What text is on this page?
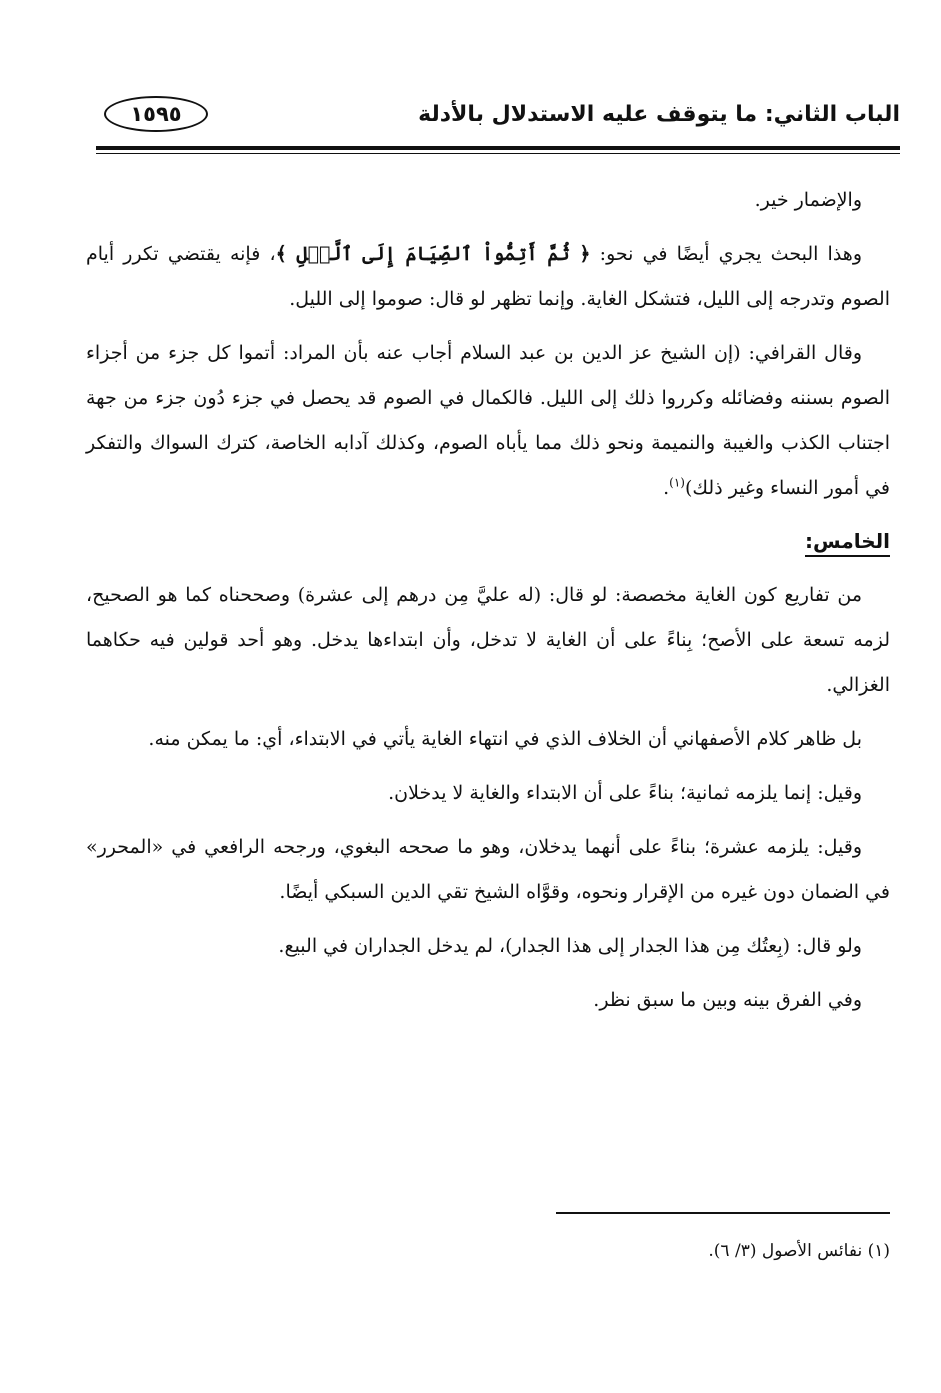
الباب الثاني: ما يتوقف عليه الاستدلال بالأدلة
١٥٩٥

والإضمار خير.

وهذا البحث يجري أيضًا في نحو: ﴿ ثُمَّ أَتِمُّواْ ٱلصِّيَامَ إِلَى ٱلَّيۡلِ ﴾، فإنه يقتضي تكرر أيام الصوم وتدرجه إلى الليل، فتشكل الغاية. وإنما تظهر لو قال: صوموا إلى الليل.

وقال القرافي: (إن الشيخ عز الدين بن عبد السلام أجاب عنه بأن المراد: أتموا كل جزء من أجزاء الصوم بسننه وفضائله وكرروا ذلك إلى الليل. فالكمال في الصوم قد يحصل في جزء دُون جزء من جهة اجتناب الكذب والغيبة والنميمة ونحو ذلك مما يأباه الصوم، وكذلك آدابه الخاصة، كترك السواك والتفكر في أمور النساء وغير ذلك)$^{(١)}$.

الخامس:

من تفاريع كون الغاية مخصصة: لو قال: (له عليَّ مِن درهم إلى عشرة) وصححناه كما هو الصحيح، لزمه تسعة على الأصح؛ بِناءً على أن الغاية لا تدخل، وأن ابتداءها يدخل. وهو أحد قولين فيه حكاهما الغزالي.

بل ظاهر كلام الأصفهاني أن الخلاف الذي في انتهاء الغاية يأتي في الابتداء، أي: ما يمكن منه.

وقيل: إنما يلزمه ثمانية؛ بناءً على أن الابتداء والغاية لا يدخلان.

وقيل: يلزمه عشرة؛ بناءً على أنهما يدخلان، وهو ما صححه البغوي، ورجحه الرافعي في «المحرر» في الضمان دون غيره من الإقرار ونحوه، وقوَّاه الشيخ تقي الدين السبكي أيضًا.

ولو قال: (بِعتُك مِن هذا الجدار إلى هذا الجدار)، لم يدخل الجداران في البيع.

وفي الفرق بينه وبين ما سبق نظر.

(١) نفائس الأصول (٣/ ٦).
